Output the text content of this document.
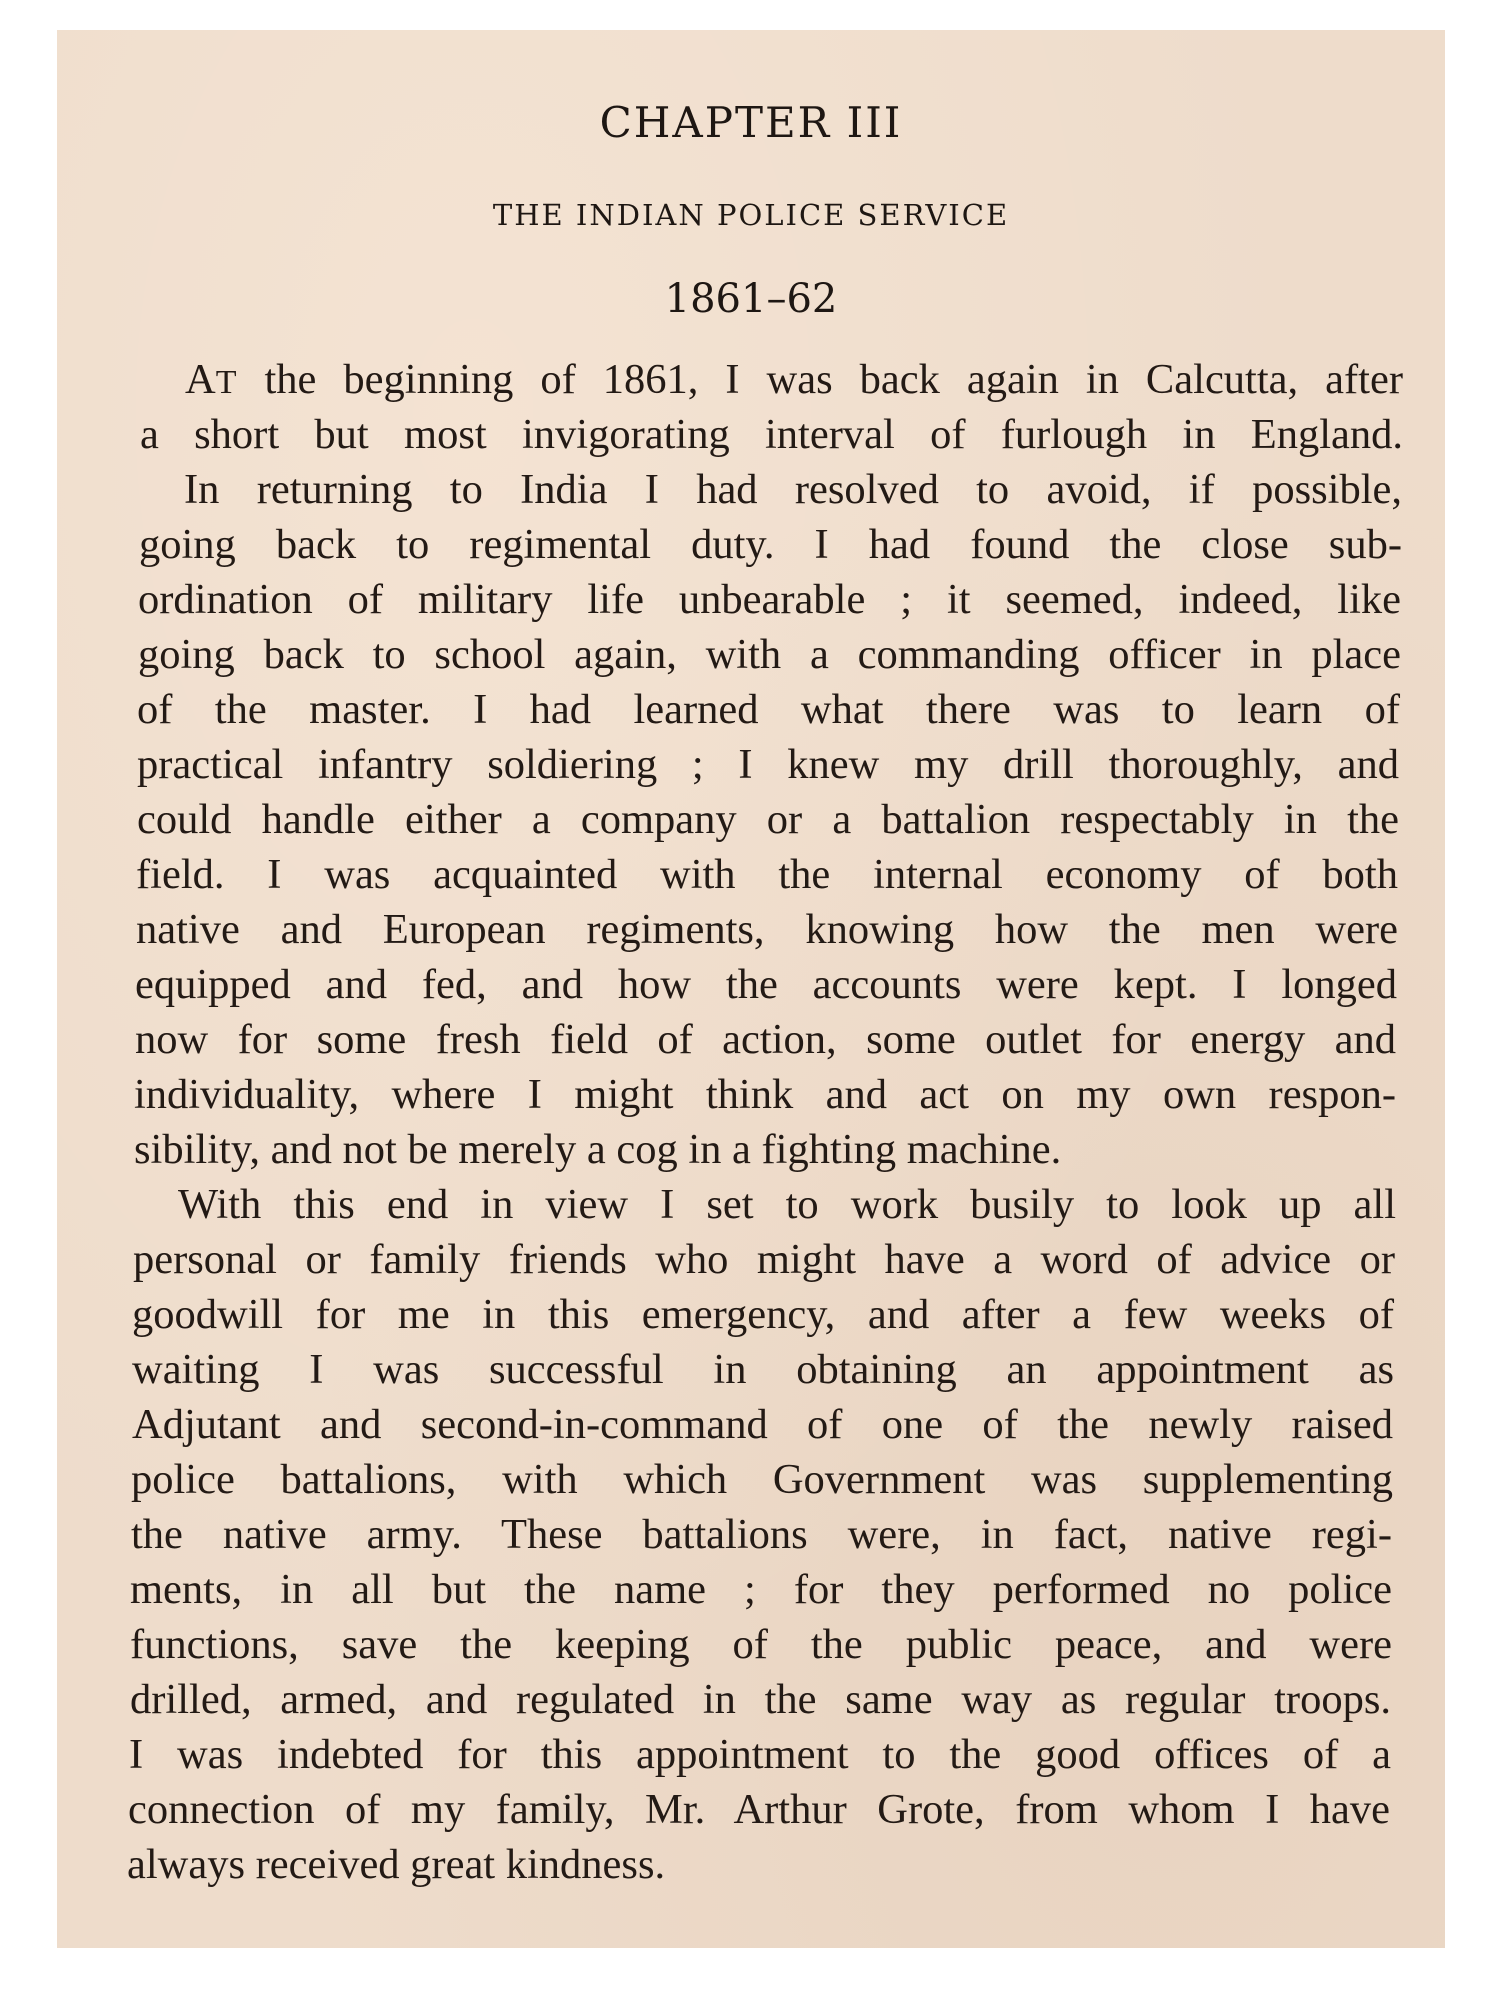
CHAPTER III
THE INDIAN POLICE SERVICE
1861–62
AT the beginning of 1861, I was back again in Calcutta, after
a short but most invigorating interval of furlough in England.
In returning to India I had resolved to avoid, if possible,
going back to regimental duty. I had found the close sub-
ordination of military life unbearable ; it seemed, indeed, like
going back to school again, with a commanding officer in place
of the master. I had learned what there was to learn of
practical infantry soldiering ; I knew my drill thoroughly, and
could handle either a company or a battalion respectably in the
field. I was acquainted with the internal economy of both
native and European regiments, knowing how the men were
equipped and fed, and how the accounts were kept. I longed
now for some fresh field of action, some outlet for energy and
individuality, where I might think and act on my own respon-
sibility, and not be merely a cog in a fighting machine.
With this end in view I set to work busily to look up all
personal or family friends who might have a word of advice or
goodwill for me in this emergency, and after a few weeks of
waiting I was successful in obtaining an appointment as
Adjutant and second-in-command of one of the newly raised
police battalions, with which Government was supplementing
the native army. These battalions were, in fact, native regi-
ments, in all but the name ; for they performed no police
functions, save the keeping of the public peace, and were
drilled, armed, and regulated in the same way as regular troops.
I was indebted for this appointment to the good offices of a
connection of my family, Mr. Arthur Grote, from whom I have
always received great kindness.
